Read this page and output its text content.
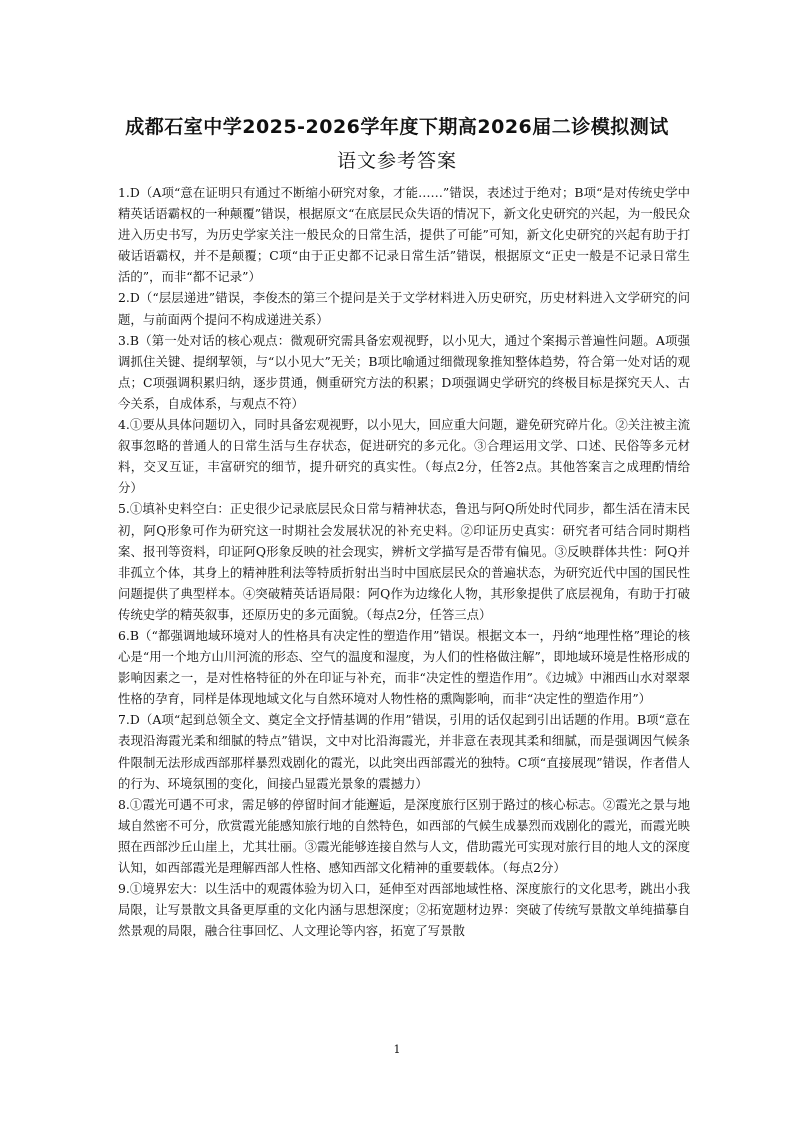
成都石室中学2025-2026学年度下期高2026届二诊模拟测试
语文参考答案

1.D（A项“意在证明只有通过不断缩小研究对象，才能……”错误，表述过于绝对；B项“是对传统史学中精英话语霸权的一种颠覆”错误，根据原文“在底层民众失语的情况下，新文化史研究的兴起，为一般民众进入历史书写，为历史学家关注一般民众的日常生活，提供了可能”可知，新文化史研究的兴起有助于打破话语霸权，并不是颠覆；C项“由于正史都不记录日常生活”错误，根据原文“正史一般是不记录日常生活的”，而非“都不记录”）

2.D（“层层递进”错误，李俊杰的第三个提问是关于文学材料进入历史研究，历史材料进入文学研究的问题，与前面两个提问不构成递进关系）

3.B（第一处对话的核心观点：微观研究需具备宏观视野，以小见大，通过个案揭示普遍性问题。A项强调抓住关键、提纲挈领，与“以小见大”无关；B项比喻通过细微现象推知整体趋势，符合第一处对话的观点；C项强调积累归纳，逐步贯通，侧重研究方法的积累；D项强调史学研究的终极目标是探究天人、古今关系，自成体系，与观点不符）

4.①要从具体问题切入，同时具备宏观视野，以小见大，回应重大问题，避免研究碎片化。②关注被主流叙事忽略的普通人的日常生活与生存状态，促进研究的多元化。③合理运用文学、口述、民俗等多元材料，交叉互证，丰富研究的细节，提升研究的真实性。（每点2分，任答2点。其他答案言之成理酌情给分）

5.①填补史料空白：正史很少记录底层民众日常与精神状态，鲁迅与阿Q所处时代同步，都生活在清末民初，阿Q形象可作为研究这一时期社会发展状况的补充史料。②印证历史真实：研究者可结合同时期档案、报刊等资料，印证阿Q形象反映的社会现实，辨析文学描写是否带有偏见。③反映群体共性：阿Q并非孤立个体，其身上的精神胜利法等特质折射出当时中国底层民众的普遍状态，为研究近代中国的国民性问题提供了典型样本。④突破精英话语局限：阿Q作为边缘化人物，其形象提供了底层视角，有助于打破传统史学的精英叙事，还原历史的多元面貌。（每点2分，任答三点）

6.B（“都强调地域环境对人的性格具有决定性的塑造作用”错误。根据文本一，丹纳“地理性格”理论的核心是“用一个地方山川河流的形态、空气的温度和湿度，为人们的性格做注解”，即地域环境是性格形成的影响因素之一，是对性格特征的外在印证与补充，而非“决定性的塑造作用”。《边城》中湘西山水对翠翠性格的孕育，同样是体现地域文化与自然环境对人物性格的熏陶影响，而非“决定性的塑造作用”）

7.D（A项“起到总领全文、奠定全文抒情基调的作用”错误，引用的话仅起到引出话题的作用。B项“意在表现沿海霞光柔和细腻的特点”错误，文中对比沿海霞光，并非意在表现其柔和细腻，而是强调因气候条件限制无法形成西部那样暴烈戏剧化的霞光，以此突出西部霞光的独特。C项“直接展现”错误，作者借人的行为、环境氛围的变化，间接凸显霞光景象的震撼力）

8.①霞光可遇不可求，需足够的停留时间才能邂逅，是深度旅行区别于路过的核心标志。②霞光之景与地域自然密不可分，欣赏霞光能感知旅行地的自然特色，如西部的气候生成暴烈而戏剧化的霞光，而霞光映照在西部沙丘山崖上，尤其壮丽。③霞光能够连接自然与人文，借助霞光可实现对旅行目的地人文的深度认知，如西部霞光是理解西部人性格、感知西部文化精神的重要载体。（每点2分）

9.①境界宏大：以生活中的观霞体验为切入口，延伸至对西部地域性格、深度旅行的文化思考，跳出小我局限，让写景散文具备更厚重的文化内涵与思想深度；②拓宽题材边界：突破了传统写景散文单纯描摹自然景观的局限，融合往事回忆、人文理论等内容，拓宽了写景散

1
